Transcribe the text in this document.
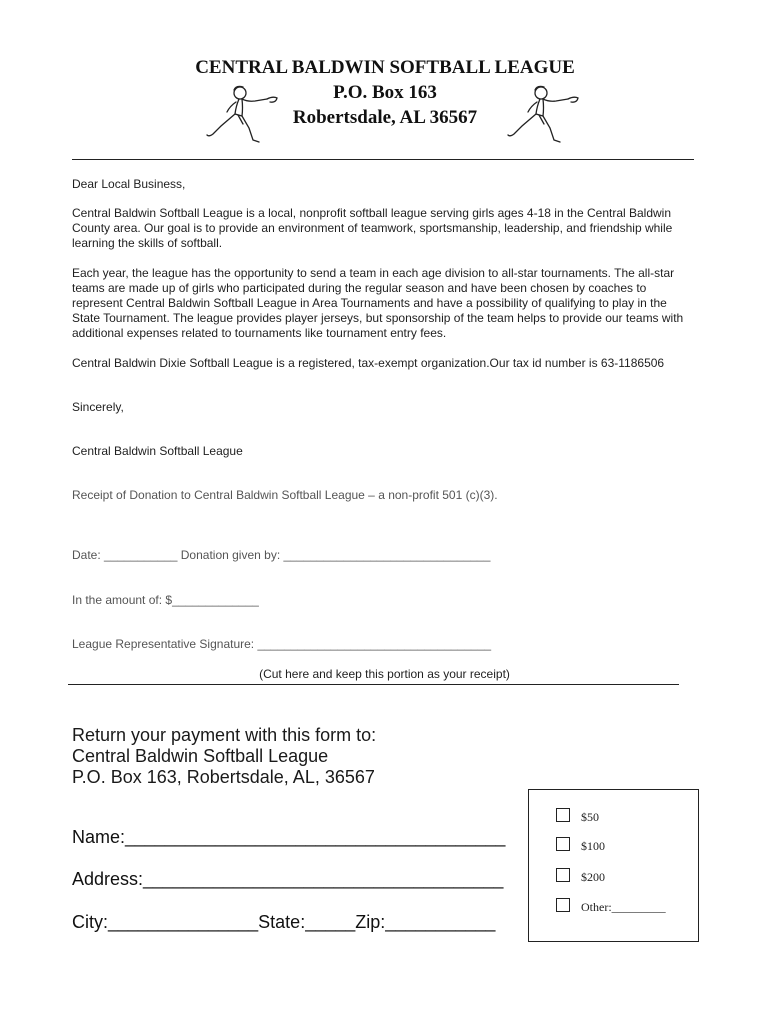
CENTRAL BALDWIN SOFTBALL LEAGUE
P.O. Box 163
Robertsdale, AL 36567
Dear Local Business,
Central Baldwin Softball League is a local, nonprofit softball league serving girls ages 4-18 in the Central Baldwin County area. Our goal is to provide an environment of teamwork, sportsmanship, leadership, and friendship while learning the skills of softball.
Each year, the league has the opportunity to send a team in each age division to all-star tournaments. The all-star teams are made up of girls who participated during the regular season and have been chosen by coaches to represent Central Baldwin Softball League in Area Tournaments and have a possibility of qualifying to play in the State Tournament. The league provides player jerseys, but sponsorship of the team helps to provide our teams with additional expenses related to tournaments like tournament entry fees.
Central Baldwin Dixie Softball League is a registered, tax-exempt organization.Our tax id number is 63-1186506
Sincerely,
Central Baldwin Softball League
Receipt of Donation to Central Baldwin Softball League – a non-profit 501 (c)(3).
Date: ___________ Donation given by: _______________________________
In the amount of: $_____________
League Representative Signature: ___________________________________
(Cut here and keep this portion as your receipt)
Return your payment with this form to:
Central Baldwin Softball League
P.O. Box 163, Robertsdale, AL, 36567
Name:______________________________________
Address:____________________________________
City:_______________State:_____Zip:___________
$50
$100
$200
Other:_________
